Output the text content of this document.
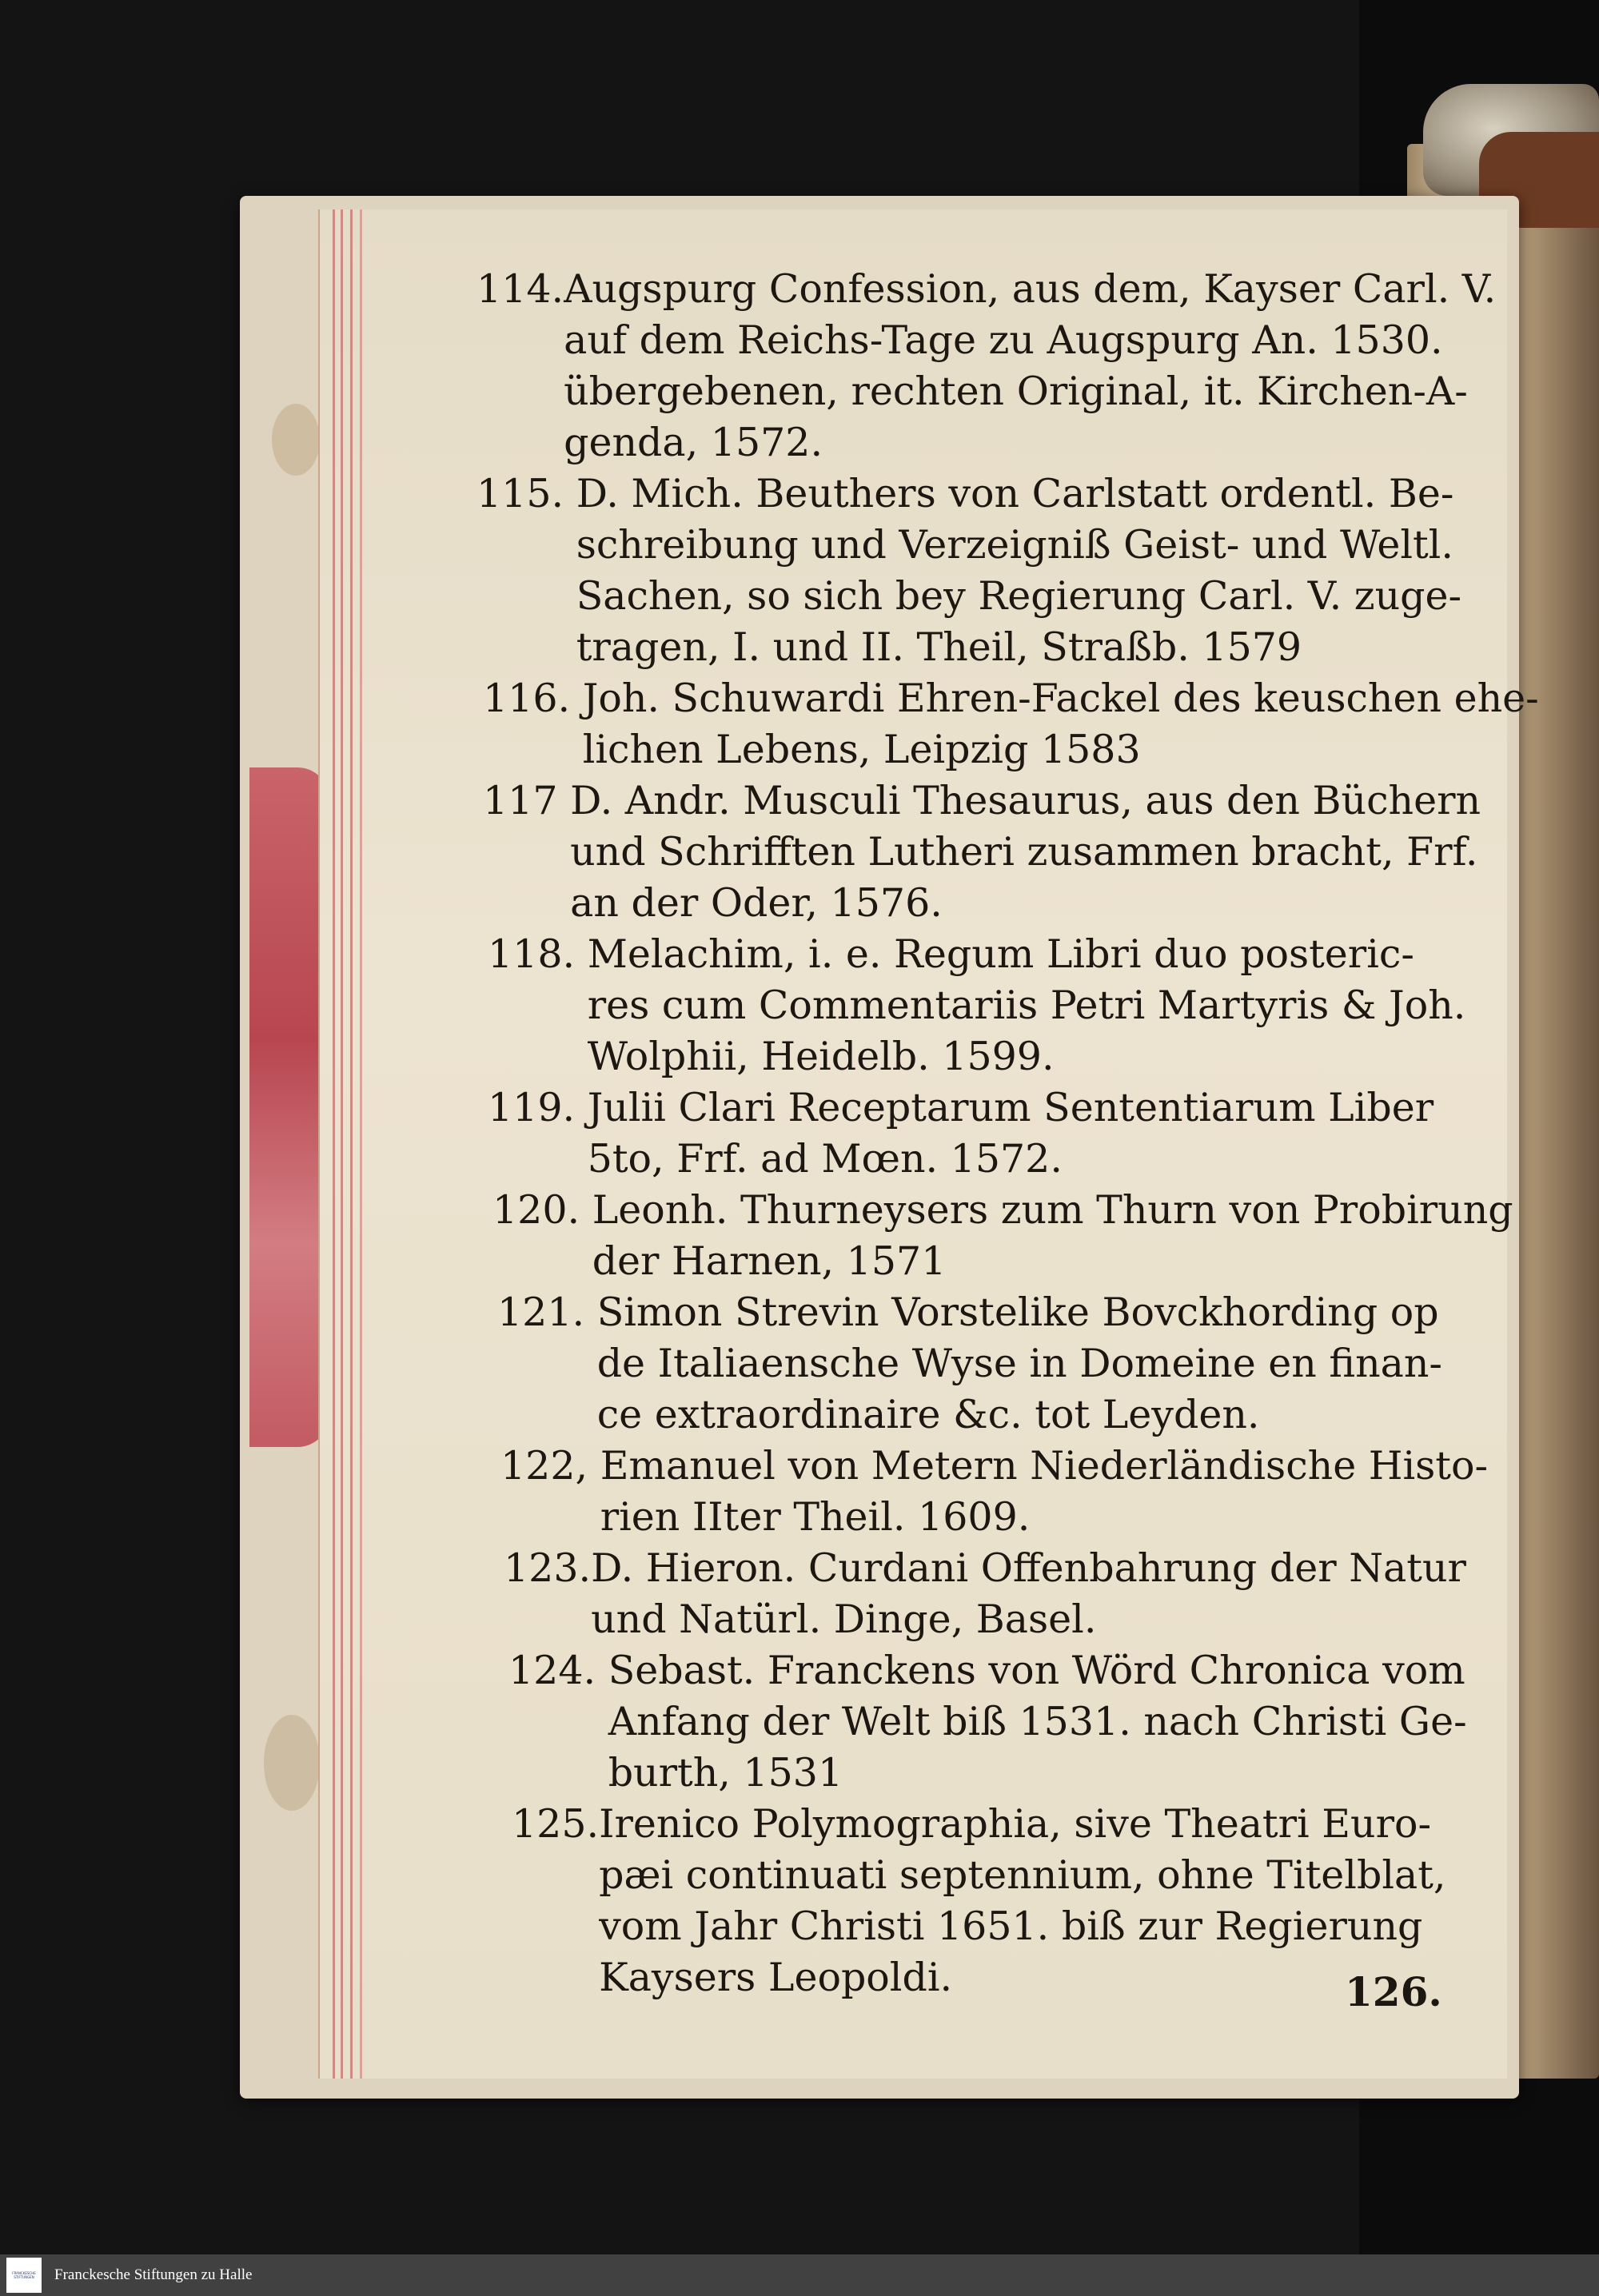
114. Augspurg Confession, aus dem, Kayser Carl. V.
auf dem Reichs-Tage zu Augspurg An. 1530.
übergebenen, rechten Original, it. Kirchen-A-
genda, 1572.
115. D. Mich. Beuthers von Carlstatt ordentl. Be-
schreibung und Verzeigniß Geist- und Weltl.
Sachen, so sich bey Regierung Carl. V. zuge-
tragen, I. und II. Theil, Straßb. 1579
116. Joh. Schuwardi Ehren-Fackel des keuschen ehe-
lichen Lebens, Leipzig 1583
117 D. Andr. Musculi Thesaurus, aus den Büchern
und Schrifften Lutheri zusammen bracht, Frf.
an der Oder, 1576.
118. Melachim, i. e. Regum Libri duo posteric-
res cum Commentariis Petri Martyris & Joh.
Wolphii, Heidelb. 1599.
119. Julii Clari Receptarum Sententiarum Liber
5to, Frf. ad Mœn. 1572.
120. Leonh. Thurneysers zum Thurn von Probirung
der Harnen, 1571
121. Simon Strevin Vorstelike Bovckhording op
de Italiaensche Wyse in Domeine en finan-
ce extraordinaire &c. tot Leyden.
122, Emanuel von Metern Niederländische Histo-
rien IIter Theil. 1609.
123. D. Hieron. Curdani Offenbahrung der Natur
und Natürl. Dinge, Basel.
124. Sebast. Franckens von Wörd Chronica vom
Anfang der Welt biß 1531. nach Christi Ge-
burth, 1531
125. Irenico Polymographia, sive Theatri Euro-
pæi continuati septennium, ohne Titelblat,
vom Jahr Christi 1651. biß zur Regierung
Kaysers Leopoldi.	126.
FRANCKESCHE STIFTUNGEN	Franckesche Stiftungen zu Halle
